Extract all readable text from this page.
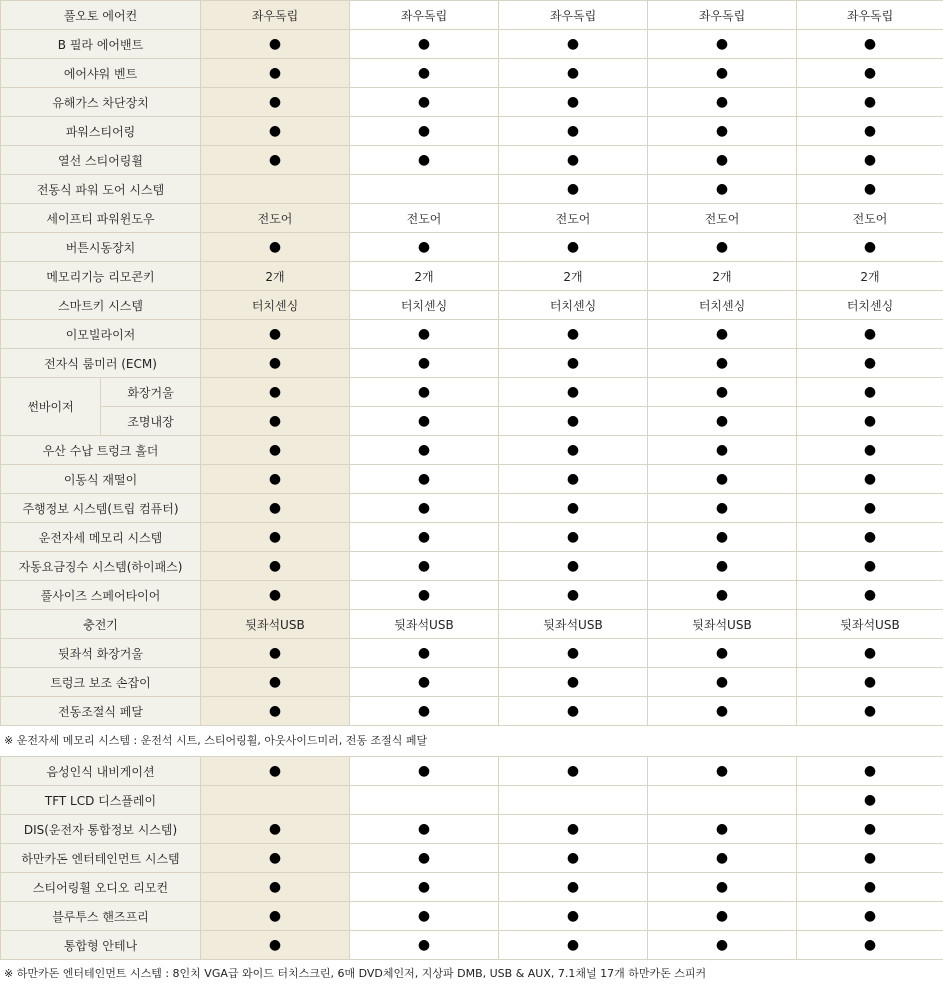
풀오토 에어컨		좌우독립	좌우독립	좌우독립	좌우독립	좌우독립
B 필라 에어밴트		●	●	●	●	●
에어샤워 벤트		●	●	●	●	●
유해가스 차단장치		●	●	●	●	●
파워스티어링		●	●	●	●	●
열선 스티어링휠		●	●	●	●	●
전동식 파워 도어 시스템				●	●	●
세이프티 파워윈도우		전도어	전도어	전도어	전도어	전도어
버튼시동장치		●	●	●	●	●
메모리기능 리모콘키		2개	2개	2개	2개	2개
스마트키 시스템		터치센싱	터치센싱	터치센싱	터치센싱	터치센싱
이모빌라이저		●	●	●	●	●
전자식 룸미러 (ECM)		●	●	●	●	●
썬바이저	화장거울	●	●	●	●	●
	조명내장	●	●	●	●	●
우산 수납 트렁크 홀더		●	●	●	●	●
이동식 재떨이		●	●	●	●	●
주행정보 시스템(트립 컴퓨터)		●	●	●	●	●
운전자세 메모리 시스템		●	●	●	●	●
자동요금징수 시스템(하이패스)		●	●	●	●	●
풀사이즈 스페어타이어		●	●	●	●	●
충전기		뒷좌석USB	뒷좌석USB	뒷좌석USB	뒷좌석USB	뒷좌석USB
뒷좌석 화장거울		●	●	●	●	●
트렁크 보조 손잡이		●	●	●	●	●
전동조절식 페달		●	●	●	●	●
※ 운전자세 메모리 시스템 : 운전석 시트, 스티어링휠, 아웃사이드미러, 전동 조절식 페달
음성인식 내비게이션	●	●	●	●	●
TFT LCD 디스플레이					●
DIS(운전자 통합정보 시스템)	●	●	●	●	●
하만카돈 엔터테인먼트 시스템	●	●	●	●	●
스티어링휠 오디오 리모컨	●	●	●	●	●
블루투스 핸즈프리	●	●	●	●	●
통합형 안테나	●	●	●	●	●
※ 하만카돈 엔터테인먼트 시스템 : 8인치 VGA급 와이드 터치스크린, 6매 DVD체인저, 지상파 DMB, USB & AUX, 7.1채널 17개 하만카돈 스피커
